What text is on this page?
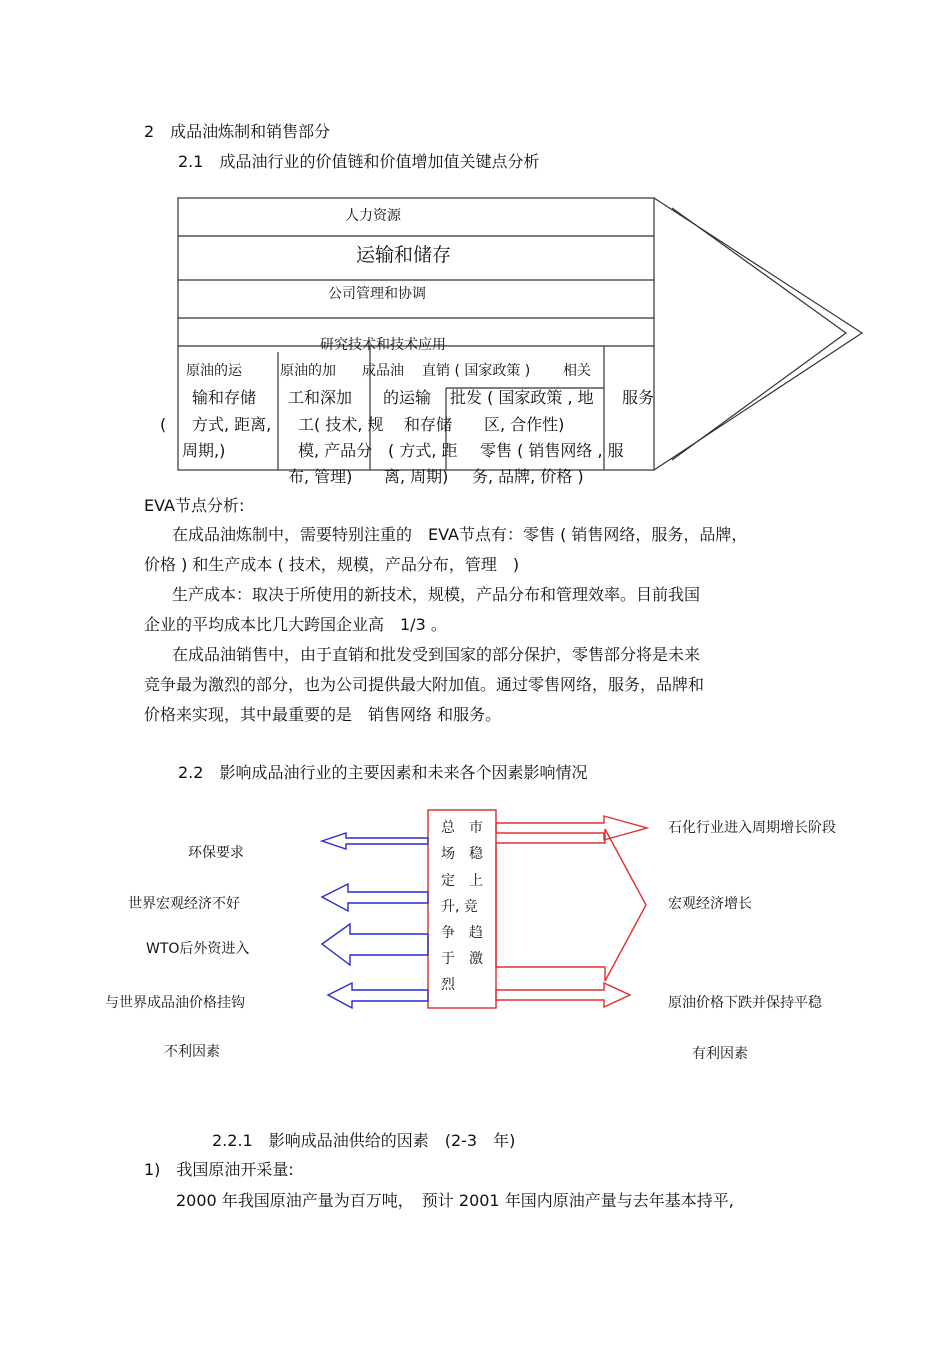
2　成品油炼制和销售部分
2.1　成品油行业的价值链和价值增加值关键点分析
人力资源
运输和储存
公司管理和协调
研究技术和技术应用
原油的运
输和存储
( 方式, 距离,
周期,)
原油的加
工和深加
工( 技术, 规
模, 产品分
布, 管理)
成品油
的运输
和存储
( 方式, 距
离, 周期)
直销 ( 国家政策 )
批发 ( 国家政策 , 地
区, 合作性)
零售 ( 销售网络 , 服
务, 品牌, 价格 )
相关
服务
EVA节点分析:
在成品油炼制中，需要特别注重的　EVA节点有：零售 ( 销售网络，服务，品牌，
价格 ) 和生产成本 ( 技术，规模，产品分布，管理　)
生产成本：取决于所使用的新技术，规模，产品分布和管理效率。目前我国
企业的平均成本比几大跨国企业高　1/3 。
在成品油销售中，由于直销和批发受到国家的部分保护，零售部分将是未来
竞争最为激烈的部分，也为公司提供最大附加值。通过零售网络，服务，品牌和
价格来实现，其中最重要的是　销售网络 和服务。
2.2　影响成品油行业的主要因素和未来各个因素影响情况
总　市
场　稳
定　上
升, 竞
争　趋
于　激
烈
环保要求
世界宏观经济不好
WTO后外资进入
与世界成品油价格挂钩
不利因素
石化行业进入周期增长阶段
宏观经济增长
原油价格下跌并保持平稳
有利因素
2.2.1　影响成品油供给的因素　(2-3　年)
1)　我国原油开采量:
2000 年我国原油产量为百万吨，　预计 2001 年国内原油产量与去年基本持平,
